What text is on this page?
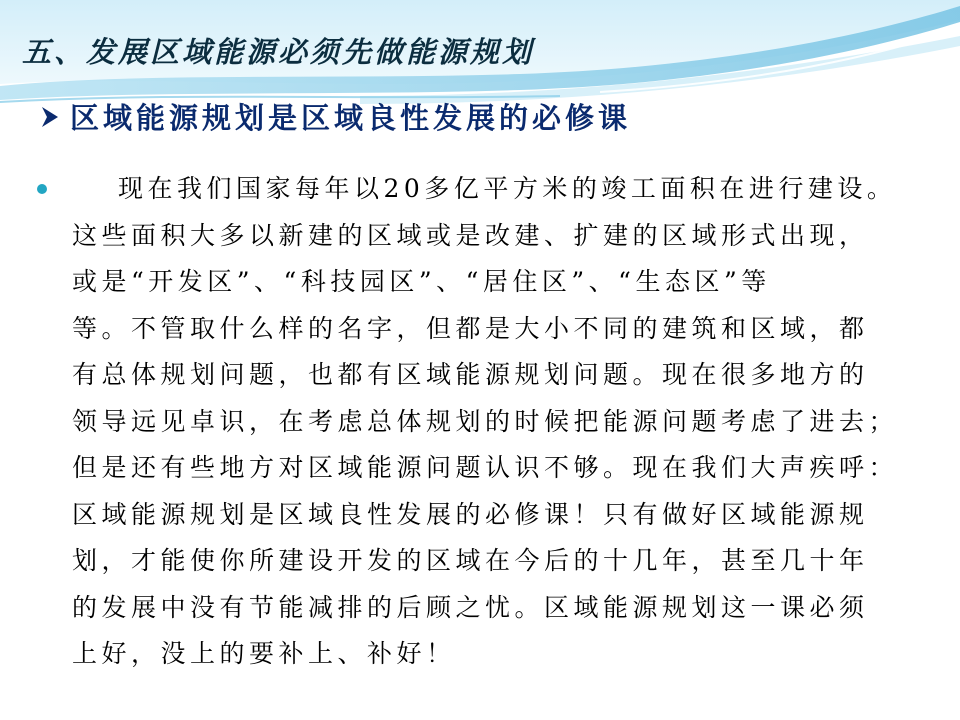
五、发展区域能源必须先做能源规划
区域能源规划是区域良性发展的必修课

现在我们国家每年以20多亿平方米的竣工面积在进行建设。
这些面积大多以新建的区域或是改建、扩建的区域形式出现，
或是“开发区”、“科技园区”、“居住区”、“生态区”等
等。不管取什么样的名字，但都是大小不同的建筑和区域，都
有总体规划问题，也都有区域能源规划问题。现在很多地方的
领导远见卓识，在考虑总体规划的时候把能源问题考虑了进去；
但是还有些地方对区域能源问题认识不够。现在我们大声疾呼：
区域能源规划是区域良性发展的必修课！只有做好区域能源规
划，才能使你所建设开发的区域在今后的十几年，甚至几十年
的发展中没有节能减排的后顾之忧。区域能源规划这一课必须
上好，没上的要补上、补好！
